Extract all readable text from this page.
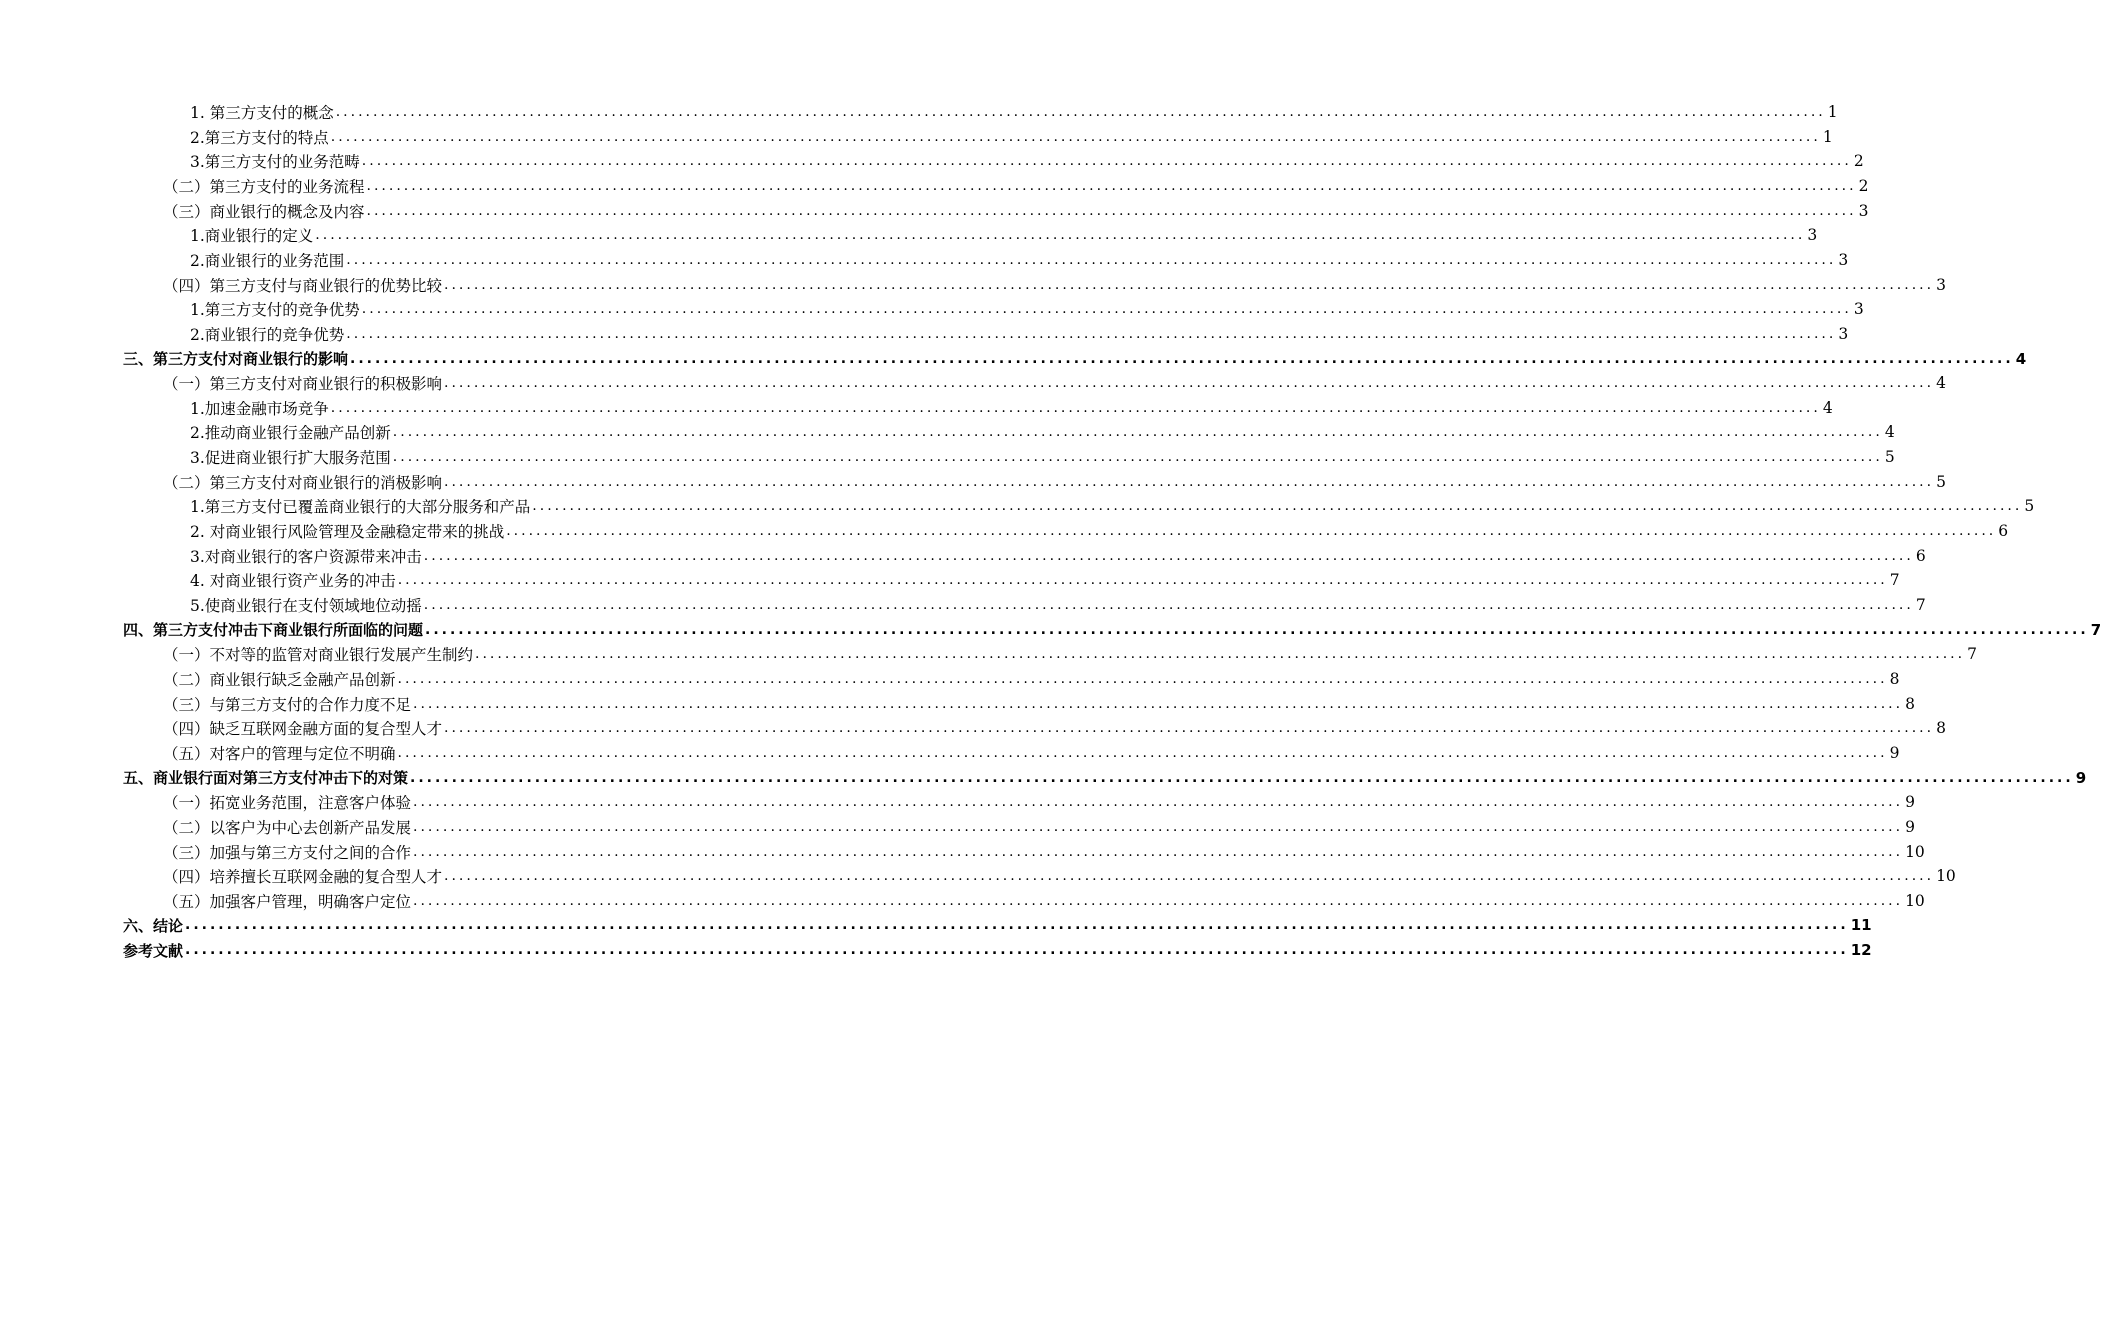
1. 第三方支付的概念 ........................................................................................................................................................................................................ 1
2.第三方支付的特点 ........................................................................................................................................................................................................ 1
3.第三方支付的业务范畴 ........................................................................................................................................................................................................ 2
（二）第三方支付的业务流程 ........................................................................................................................................................................................................ 2
（三）商业银行的概念及内容 ........................................................................................................................................................................................................ 3
1.商业银行的定义 ........................................................................................................................................................................................................ 3
2.商业银行的业务范围 ........................................................................................................................................................................................................ 3
（四）第三方支付与商业银行的优势比较 ........................................................................................................................................................................................................ 3
1.第三方支付的竞争优势 ........................................................................................................................................................................................................ 3
2.商业银行的竞争优势 ........................................................................................................................................................................................................ 3
三、第三方支付对商业银行的影响 ........................................................................................................................................................................................................ 4
（一）第三方支付对商业银行的积极影响 ........................................................................................................................................................................................................ 4
1.加速金融市场竞争 ........................................................................................................................................................................................................ 4
2.推动商业银行金融产品创新 ........................................................................................................................................................................................................ 4
3.促进商业银行扩大服务范围 ........................................................................................................................................................................................................ 5
（二）第三方支付对商业银行的消极影响 ........................................................................................................................................................................................................ 5
1.第三方支付已覆盖商业银行的大部分服务和产品 ........................................................................................................................................................................................................ 5
2. 对商业银行风险管理及金融稳定带来的挑战 ........................................................................................................................................................................................................ 6
3.对商业银行的客户资源带来冲击 ........................................................................................................................................................................................................ 6
4. 对商业银行资产业务的冲击 ........................................................................................................................................................................................................ 7
5.使商业银行在支付领域地位动摇 ........................................................................................................................................................................................................ 7
四、第三方支付冲击下商业银行所面临的问题 ........................................................................................................................................................................................................ 7
（一）不对等的监管对商业银行发展产生制约 ........................................................................................................................................................................................................ 7
（二）商业银行缺乏金融产品创新 ........................................................................................................................................................................................................ 8
（三）与第三方支付的合作力度不足 ........................................................................................................................................................................................................ 8
（四）缺乏互联网金融方面的复合型人才 ........................................................................................................................................................................................................ 8
（五）对客户的管理与定位不明确 ........................................................................................................................................................................................................ 9
五、商业银行面对第三方支付冲击下的对策 ........................................................................................................................................................................................................ 9
（一）拓宽业务范围，注意客户体验 ........................................................................................................................................................................................................ 9
（二）以客户为中心去创新产品发展 ........................................................................................................................................................................................................ 9
（三）加强与第三方支付之间的合作 ........................................................................................................................................................................................................ 10
（四）培养擅长互联网金融的复合型人才 ........................................................................................................................................................................................................ 10
（五）加强客户管理，明确客户定位 ........................................................................................................................................................................................................ 10
六、结论 ........................................................................................................................................................................................................ 11
参考文献 ........................................................................................................................................................................................................ 12
